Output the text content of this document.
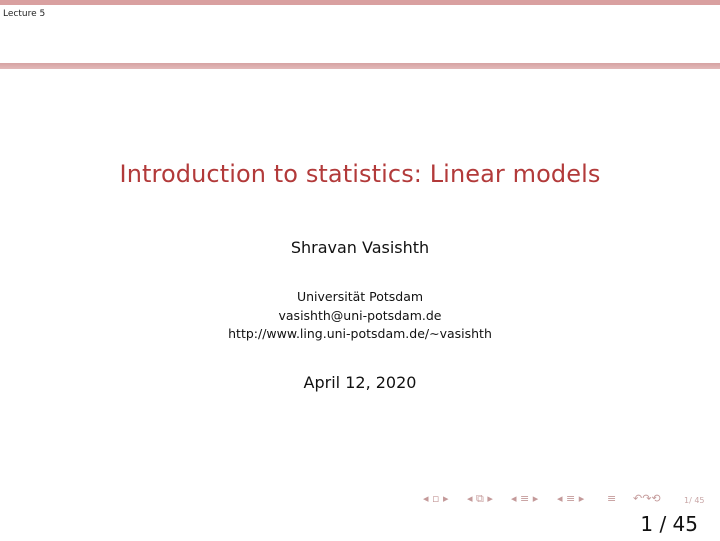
Lecture 5
Introduction to statistics: Linear models
Shravan Vasishth
Universität Potsdam
vasishth@uni-potsdam.de
http://www.ling.uni-potsdam.de/∼vasishth
April 12, 2020
◂ ▫ ▸ ◂ ⧉ ▸ ◂ ≡ ▸ ◂ ≡ ▸ ≡ ↶↷⟲	1/ 45
1 / 45
